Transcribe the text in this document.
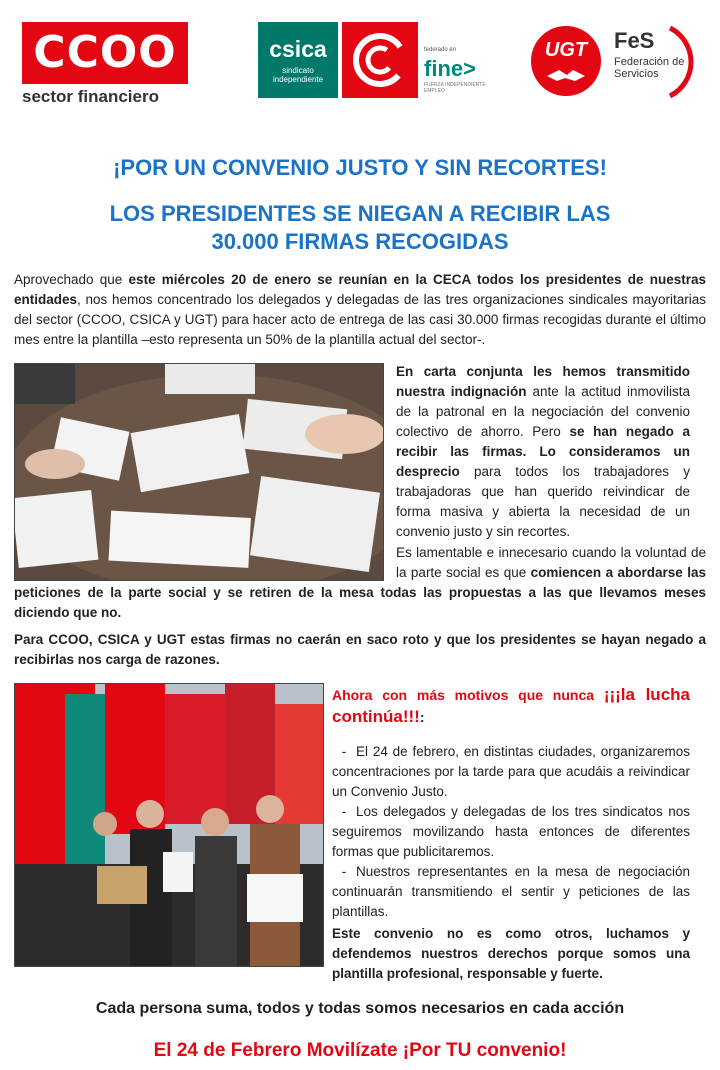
CCOO
sector financiero
csica
sindicato independiente
federado en
fine>
FUERZA INDEPENDIENTE EMPLEO
UGT	FeS
Federación de Servicios
¡POR UN CONVENIO JUSTO Y SIN RECORTES!
LOS PRESIDENTES SE NIEGAN A RECIBIR LAS
30.000 FIRMAS RECOGIDAS
Aprovechado que este miércoles 20 de enero se reunían en la CECA todos los presidentes de nuestras entidades, nos hemos concentrado los delegados y delegadas de las tres organizaciones sindicales mayoritarias del sector (CCOO, CSICA y UGT) para hacer acto de entrega de las casi 30.000 firmas recogidas durante el último mes entre la plantilla –esto representa un 50% de la plantilla actual del sector-.
En carta conjunta les hemos transmitido nuestra indignación ante la actitud inmovilista de la patronal en la negociación del convenio colectivo de ahorro. Pero se han negado a recibir las firmas. Lo consideramos un desprecio para todos los trabajadores y trabajadoras que han querido reivindicar de forma masiva y abierta la necesidad de un convenio justo y sin recortes.
Es lamentable e innecesario cuando la voluntad de la parte social es que comiencen a abordarse las peticiones de la parte social y se retiren de la mesa todas las propuestas a las que llevamos meses diciendo que no.
Para CCOO, CSICA y UGT estas firmas no caerán en saco roto y que los presidentes se hayan negado a recibirlas nos carga de razones.
Ahora con más motivos que nunca ¡¡¡la lucha continúa!!!:

- El 24 de febrero, en distintas ciudades, organizaremos concentraciones por la tarde para que acudáis a reivindicar un Convenio Justo.

- Los delegados y delegadas de los tres sindicatos nos seguiremos movilizando hasta entonces de diferentes formas que publicitaremos.

- Nuestros representantes en la mesa de negociación continuarán transmitiendo el sentir y peticiones de las plantillas.

Este convenio no es como otros, luchamos y defendemos nuestros derechos porque somos una plantilla profesional, responsable y fuerte.
Cada persona suma, todos y todas somos necesarios en cada acción
El 24 de Febrero Movilízate ¡Por TU convenio!
